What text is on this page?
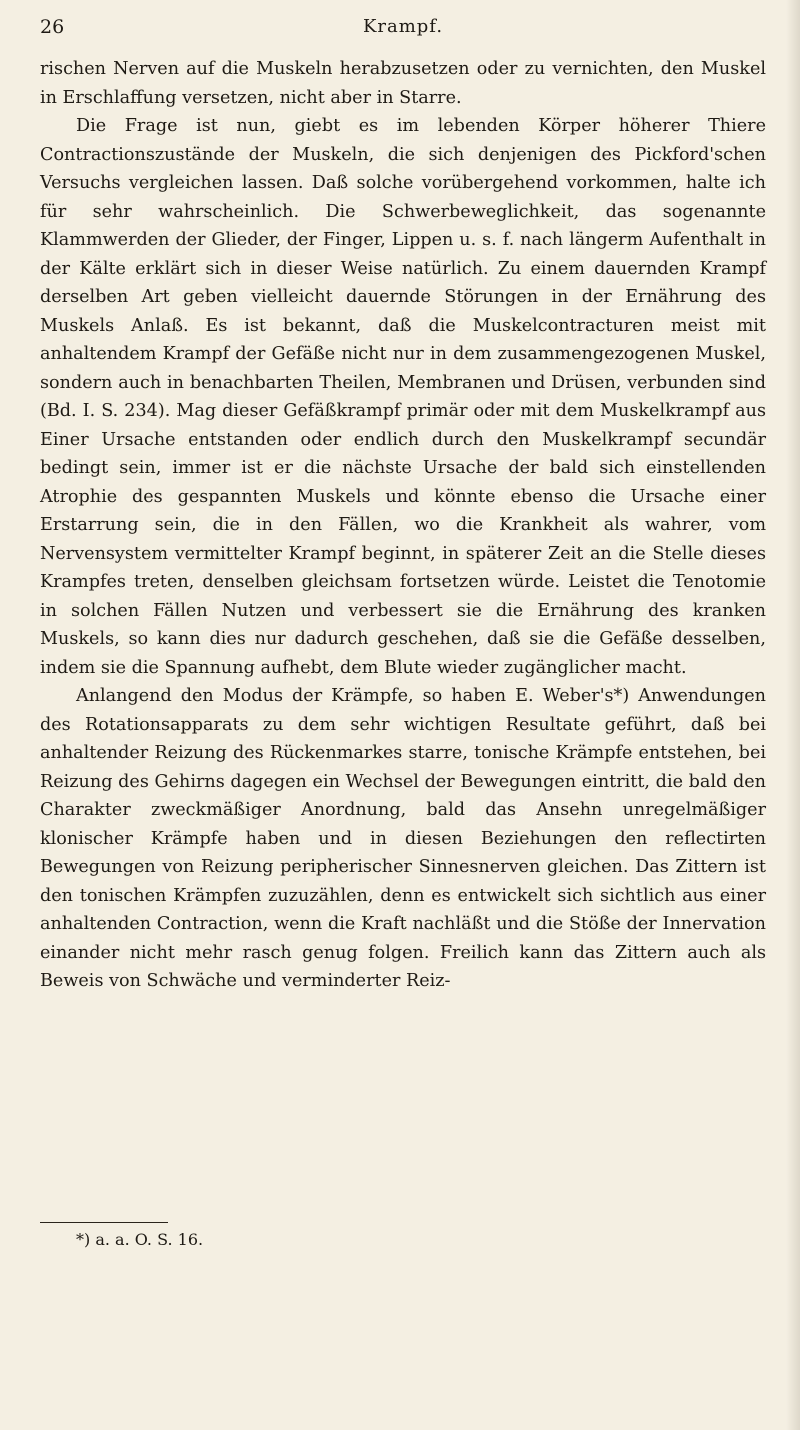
26	Krampf.

rischen Nerven auf die Muskeln herabzusetzen oder zu vernichten, den Muskel in Erschlaffung versetzen, nicht aber in Starre.

Die Frage ist nun, giebt es im lebenden Körper höherer Thiere Contractionszustände der Muskeln, die sich denjenigen des Pickford'schen Versuchs vergleichen lassen. Daß solche vorübergehend vorkommen, halte ich für sehr wahrscheinlich. Die Schwerbeweglichkeit, das sogenannte Klammwerden der Glieder, der Finger, Lippen u. s. f. nach längerm Aufenthalt in der Kälte erklärt sich in dieser Weise natürlich. Zu einem dauernden Krampf derselben Art geben vielleicht dauernde Störungen in der Ernährung des Muskels Anlaß. Es ist bekannt, daß die Muskelcontracturen meist mit anhaltendem Krampf der Gefäße nicht nur in dem zusammengezogenen Muskel, sondern auch in benachbarten Theilen, Membranen und Drüsen, verbunden sind (Bd. I. S. 234). Mag dieser Gefäßkrampf primär oder mit dem Muskelkrampf aus Einer Ursache entstanden oder endlich durch den Muskelkrampf secundär bedingt sein, immer ist er die nächste Ursache der bald sich einstellenden Atrophie des gespannten Muskels und könnte ebenso die Ursache einer Erstarrung sein, die in den Fällen, wo die Krankheit als wahrer, vom Nervensystem vermittelter Krampf beginnt, in späterer Zeit an die Stelle dieses Krampfes treten, denselben gleichsam fortsetzen würde. Leistet die Tenotomie in solchen Fällen Nutzen und verbessert sie die Ernährung des kranken Muskels, so kann dies nur dadurch geschehen, daß sie die Gefäße desselben, indem sie die Spannung aufhebt, dem Blute wieder zugänglicher macht.

Anlangend den Modus der Krämpfe, so haben E. Weber's*) Anwendungen des Rotationsapparats zu dem sehr wichtigen Resultate geführt, daß bei anhaltender Reizung des Rückenmarkes starre, tonische Krämpfe entstehen, bei Reizung des Gehirns dagegen ein Wechsel der Bewegungen eintritt, die bald den Charakter zweckmäßiger Anordnung, bald das Ansehn unregelmäßiger klonischer Krämpfe haben und in diesen Beziehungen den reflectirten Bewegungen von Reizung peripherischer Sinnesnerven gleichen. Das Zittern ist den tonischen Krämpfen zuzuzählen, denn es entwickelt sich sichtlich aus einer anhaltenden Contraction, wenn die Kraft nachläßt und die Stöße der Innervation einander nicht mehr rasch genug folgen. Freilich kann das Zittern auch als Beweis von Schwäche und verminderter Reiz-

*) a. a. O. S. 16.
